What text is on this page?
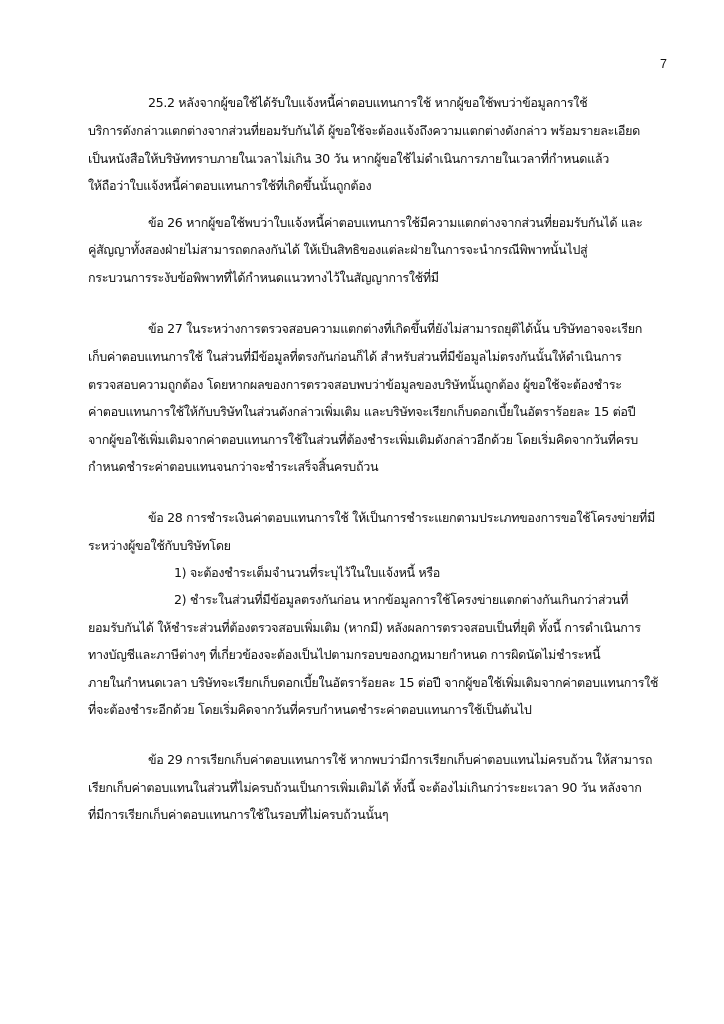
7
25.2 หลังจากผู้ขอใช้ได้รับใบแจ้งหนี้ค่าตอบแทนการใช้ หากผู้ขอใช้พบว่าข้อมูลการใช้
บริการดังกล่าวแตกต่างจากส่วนที่ยอมรับกันได้ ผู้ขอใช้จะต้องแจ้งถึงความแตกต่างดังกล่าว พร้อมรายละเอียด
เป็นหนังสือให้บริษัททราบภายในเวลาไม่เกิน 30 วัน หากผู้ขอใช้ไม่ดำเนินการภายในเวลาที่กำหนดแล้ว
ให้ถือว่าใบแจ้งหนี้ค่าตอบแทนการใช้ที่เกิดขึ้นนั้นถูกต้อง
ข้อ 26 หากผู้ขอใช้พบว่าใบแจ้งหนี้ค่าตอบแทนการใช้มีความแตกต่างจากส่วนที่ยอมรับกันได้ และ
คู่สัญญาทั้งสองฝ่ายไม่สามารถตกลงกันได้ ให้เป็นสิทธิของแต่ละฝ่ายในการจะนำกรณีพิพาทนั้นไปสู่
กระบวนการระงับข้อพิพาทที่ได้กำหนดแนวทางไว้ในสัญญาการใช้ที่มี
ข้อ 27 ในระหว่างการตรวจสอบความแตกต่างที่เกิดขึ้นที่ยังไม่สามารถยุติได้นั้น บริษัทอาจจะเรียก
เก็บค่าตอบแทนการใช้ ในส่วนที่มีข้อมูลที่ตรงกันก่อนก็ได้ สำหรับส่วนที่มีข้อมูลไม่ตรงกันนั้นให้ดำเนินการ
ตรวจสอบความถูกต้อง โดยหากผลของการตรวจสอบพบว่าข้อมูลของบริษัทนั้นถูกต้อง ผู้ขอใช้จะต้องชำระ
ค่าตอบแทนการใช้ให้กับบริษัทในส่วนดังกล่าวเพิ่มเติม และบริษัทจะเรียกเก็บดอกเบี้ยในอัตราร้อยละ 15 ต่อปี
จากผู้ขอใช้เพิ่มเติมจากค่าตอบแทนการใช้ในส่วนที่ต้องชำระเพิ่มเติมดังกล่าวอีกด้วย โดยเริ่มคิดจากวันที่ครบ
กำหนดชำระค่าตอบแทนจนกว่าจะชำระเสร็จสิ้นครบถ้วน
ข้อ 28 การชำระเงินค่าตอบแทนการใช้ ให้เป็นการชำระแยกตามประเภทของการขอใช้โครงข่ายที่มี
ระหว่างผู้ขอใช้กับบริษัทโดย
1) จะต้องชำระเต็มจำนวนที่ระบุไว้ในใบแจ้งหนี้ หรือ
2) ชำระในส่วนที่มีข้อมูลตรงกันก่อน หากข้อมูลการใช้โครงข่ายแตกต่างกันเกินกว่าส่วนที่
ยอมรับกันได้ ให้ชำระส่วนที่ต้องตรวจสอบเพิ่มเติม (หากมี) หลังผลการตรวจสอบเป็นที่ยุติ ทั้งนี้ การดำเนินการ
ทางบัญชีและภาษีต่างๆ ที่เกี่ยวข้องจะต้องเป็นไปตามกรอบของกฎหมายกำหนด การผิดนัดไม่ชำระหนี้
ภายในกำหนดเวลา บริษัทจะเรียกเก็บดอกเบี้ยในอัตราร้อยละ 15 ต่อปี จากผู้ขอใช้เพิ่มเติมจากค่าตอบแทนการใช้
ที่จะต้องชำระอีกด้วย โดยเริ่มคิดจากวันที่ครบกำหนดชำระค่าตอบแทนการใช้เป็นต้นไป
ข้อ 29 การเรียกเก็บค่าตอบแทนการใช้ หากพบว่ามีการเรียกเก็บค่าตอบแทนไม่ครบถ้วน ให้สามารถ
เรียกเก็บค่าตอบแทนในส่วนที่ไม่ครบถ้วนเป็นการเพิ่มเติมได้ ทั้งนี้ จะต้องไม่เกินกว่าระยะเวลา 90 วัน หลังจาก
ที่มีการเรียกเก็บค่าตอบแทนการใช้ในรอบที่ไม่ครบถ้วนนั้นๆ
